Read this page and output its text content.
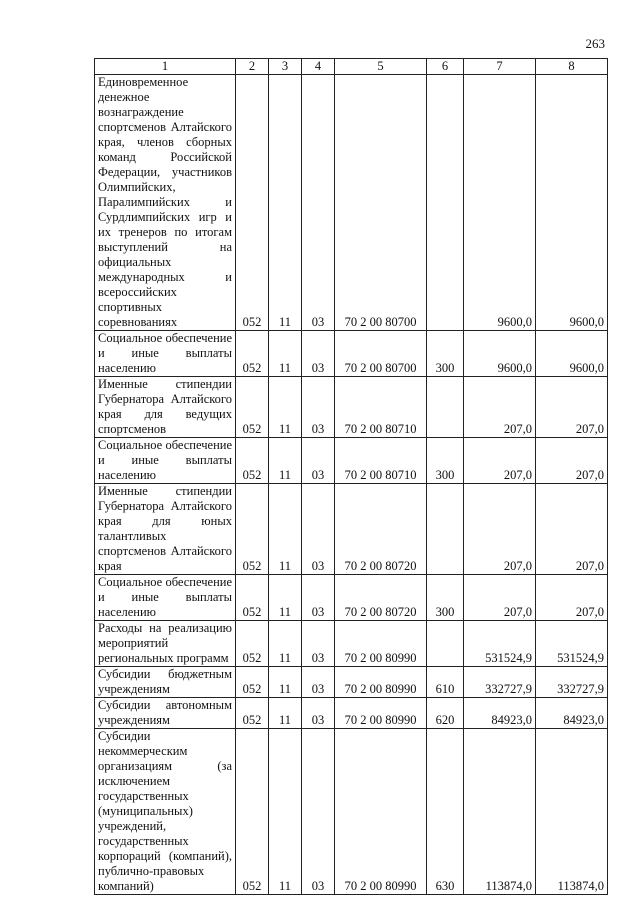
263
1	2	3	4	5	6	7	8
Единовременное денежное вознаграждение спортсменов Алтайского края, членов сборных команд Российской Федерации, участников Олимпийских, Паралимпийских и Сурдлимпийских игр и их тренеров по итогам выступлений на официальных международных и всероссийских спортивных соревнованиях	052	11	03	70 2 00 80700		9600,0	9600,0
Социальное обеспечение и иные выплаты населению	052	11	03	70 2 00 80700	300	9600,0	9600,0
Именные стипендии Губернатора Алтайского края для ведущих спортсменов	052	11	03	70 2 00 80710		207,0	207,0
Социальное обеспечение и иные выплаты населению	052	11	03	70 2 00 80710	300	207,0	207,0
Именные стипендии Губернатора Алтайского края для юных талантливых спортсменов Алтайского края	052	11	03	70 2 00 80720		207,0	207,0
Социальное обеспечение и иные выплаты населению	052	11	03	70 2 00 80720	300	207,0	207,0
Расходы на реализацию мероприятий региональных программ	052	11	03	70 2 00 80990		531524,9	531524,9
Субсидии бюджетным учреждениям	052	11	03	70 2 00 80990	610	332727,9	332727,9
Субсидии автономным учреждениям	052	11	03	70 2 00 80990	620	84923,0	84923,0
Субсидии некоммерческим организациям (за исключением государственных (муниципальных) учреждений, государственных корпораций (компаний), публично-правовых компаний)	052	11	03	70 2 00 80990	630	113874,0	113874,0
